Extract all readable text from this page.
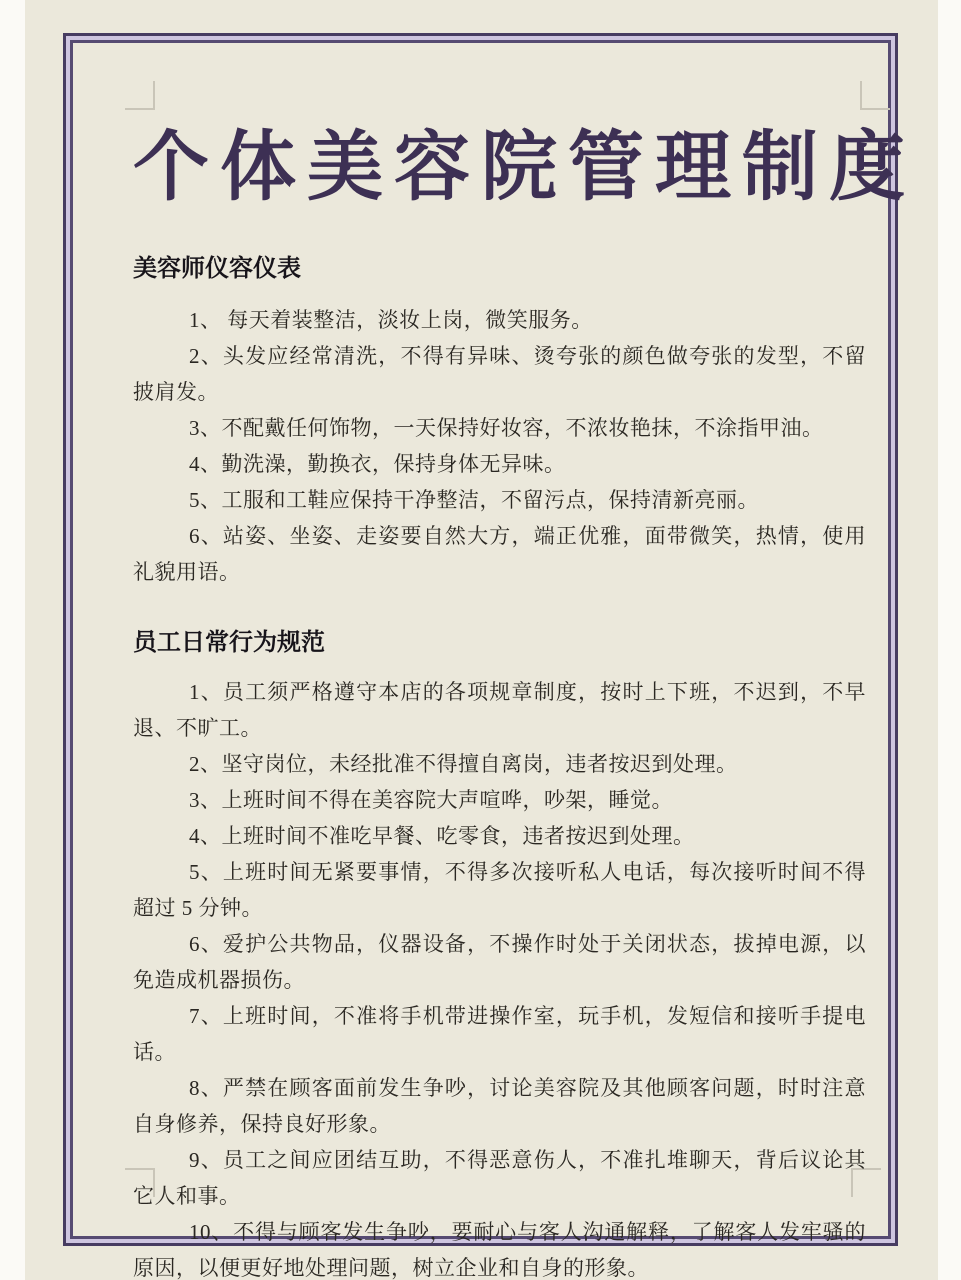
个体美容院管理制度
美容师仪容仪表

1、 每天着装整洁，淡妆上岗，微笑服务。

2、头发应经常清洗，不得有异味、烫夸张的颜色做夸张的发型，不留披肩发。

3、不配戴任何饰物，一天保持好妆容，不浓妆艳抹，不涂指甲油。

4、勤洗澡，勤换衣，保持身体无异味。

5、工服和工鞋应保持干净整洁，不留污点，保持清新亮丽。

6、站姿、坐姿、走姿要自然大方，端正优雅，面带微笑，热情，使用礼貌用语。

员工日常行为规范

1、员工须严格遵守本店的各项规章制度，按时上下班，不迟到，不早退、不旷工。

2、坚守岗位，未经批准不得擅自离岗，违者按迟到处理。

3、上班时间不得在美容院大声喧哗，吵架，睡觉。

4、上班时间不准吃早餐、吃零食，违者按迟到处理。

5、上班时间无紧要事情，不得多次接听私人电话，每次接听时间不得超过 5 分钟。

6、爱护公共物品，仪器设备，不操作时处于关闭状态，拔掉电源，以免造成机器损伤。

7、上班时间，不准将手机带进操作室，玩手机，发短信和接听手提电话。

8、严禁在顾客面前发生争吵，讨论美容院及其他顾客问题，时时注意自身修养，保持良好形象。

9、员工之间应团结互助，不得恶意伤人，不准扎堆聊天，背后议论其它人和事。

10、不得与顾客发生争吵，要耐心与客人沟通解释，了解客人发牢骚的原因，以便更好地处理问题，树立企业和自身的形象。
